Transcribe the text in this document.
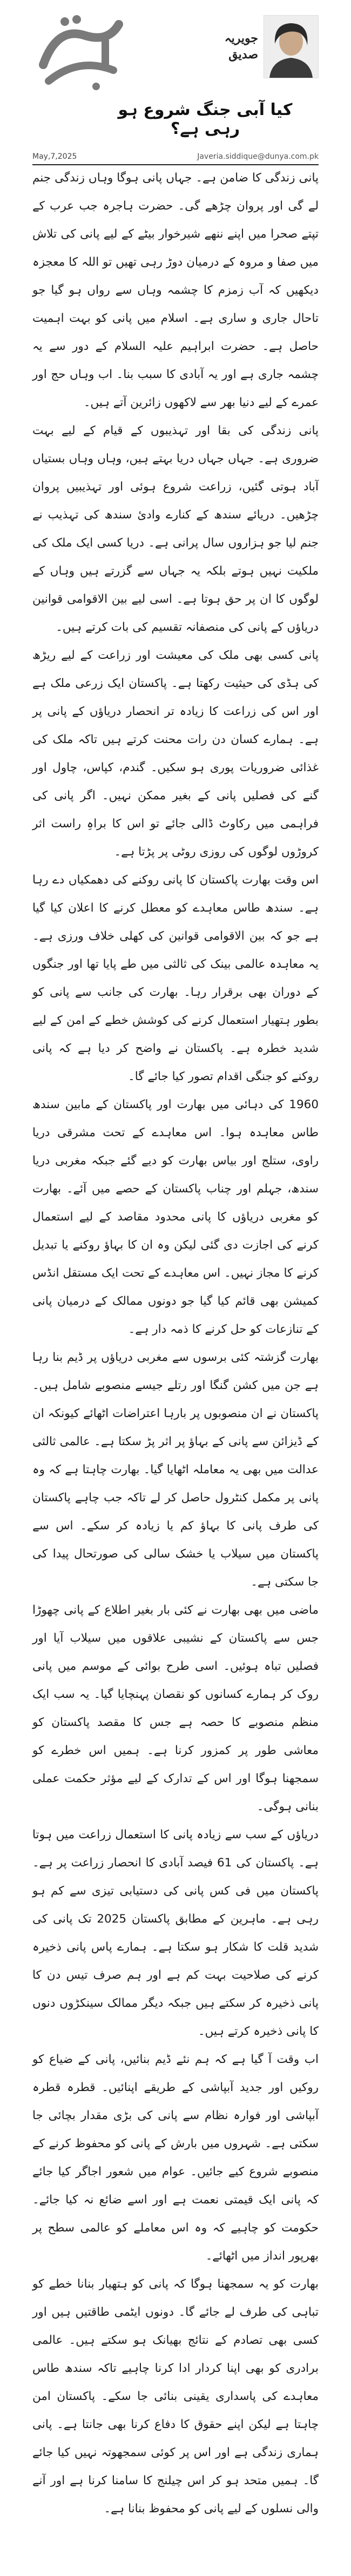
جویریہ صدیق
کیا آبی جنگ شروع ہو رہی ہے؟
May,7,2025	Javeria.siddique@dunya.com.pk

پانی زندگی کا ضامن ہے۔ جہاں پانی ہوگا وہاں زندگی جنم لے گی اور پروان چڑھے گی۔ حضرت ہاجرہ جب عرب کے تپتے صحرا میں اپنے ننھے شیرخوار بیٹے کے لیے پانی کی تلاش میں صفا و مروہ کے درمیان دوڑ رہی تھیں تو اللہ کا معجزہ دیکھیں کہ آب زمزم کا چشمہ وہاں سے رواں ہو گیا جو تاحال جاری و ساری ہے۔ اسلام میں پانی کو بہت اہمیت حاصل ہے۔ حضرت ابراہیم علیہ السلام کے دور سے یہ چشمہ جاری ہے اور یہ آبادی کا سبب بنا۔ اب وہاں حج اور عمرے کے لیے دنیا بھر سے لاکھوں زائرین آتے ہیں۔

پانی زندگی کی بقا اور تہذیبوں کے قیام کے لیے بہت ضروری ہے۔ جہاں جہاں دریا بہتے ہیں، وہاں وہاں بستیاں آباد ہوتی گئیں، زراعت شروع ہوئی اور تہذیبیں پروان چڑھیں۔ دریائے سندھ کے کنارے وادیٔ سندھ کی تہذیب نے جنم لیا جو ہزاروں سال پرانی ہے۔ دریا کسی ایک ملک کی ملکیت نہیں ہوتے بلکہ یہ جہاں سے گزرتے ہیں وہاں کے لوگوں کا ان پر حق ہوتا ہے۔ اسی لیے بین الاقوامی قوانین دریاؤں کے پانی کی منصفانہ تقسیم کی بات کرتے ہیں۔

پانی کسی بھی ملک کی معیشت اور زراعت کے لیے ریڑھ کی ہڈی کی حیثیت رکھتا ہے۔ پاکستان ایک زرعی ملک ہے اور اس کی زراعت کا زیادہ تر انحصار دریاؤں کے پانی پر ہے۔ ہمارے کسان دن رات محنت کرتے ہیں تاکہ ملک کی غذائی ضروریات پوری ہو سکیں۔ گندم، کپاس، چاول اور گنے کی فصلیں پانی کے بغیر ممکن نہیں۔ اگر پانی کی فراہمی میں رکاوٹ ڈالی جائے تو اس کا براہِ راست اثر کروڑوں لوگوں کی روزی روٹی پر پڑتا ہے۔

اس وقت بھارت پاکستان کا پانی روکنے کی دھمکیاں دے رہا ہے۔ سندھ طاس معاہدے کو معطل کرنے کا اعلان کیا گیا ہے جو کہ بین الاقوامی قوانین کی کھلی خلاف ورزی ہے۔ یہ معاہدہ عالمی بینک کی ثالثی میں طے پایا تھا اور جنگوں کے دوران بھی برقرار رہا۔ بھارت کی جانب سے پانی کو بطور ہتھیار استعمال کرنے کی کوشش خطے کے امن کے لیے شدید خطرہ ہے۔ پاکستان نے واضح کر دیا ہے کہ پانی روکنے کو جنگی اقدام تصور کیا جائے گا۔

1960 کی دہائی میں بھارت اور پاکستان کے مابین سندھ طاس معاہدہ ہوا۔ اس معاہدے کے تحت مشرقی دریا راوی، ستلج اور بیاس بھارت کو دیے گئے جبکہ مغربی دریا سندھ، جہلم اور چناب پاکستان کے حصے میں آئے۔ بھارت کو مغربی دریاؤں کا پانی محدود مقاصد کے لیے استعمال کرنے کی اجازت دی گئی لیکن وہ ان کا بہاؤ روکنے یا تبدیل کرنے کا مجاز نہیں۔ اس معاہدے کے تحت ایک مستقل انڈس کمیشن بھی قائم کیا گیا جو دونوں ممالک کے درمیان پانی کے تنازعات کو حل کرنے کا ذمہ دار ہے۔

بھارت گزشتہ کئی برسوں سے مغربی دریاؤں پر ڈیم بنا رہا ہے جن میں کشن گنگا اور رتلے جیسے منصوبے شامل ہیں۔ پاکستان نے ان منصوبوں پر بارہا اعتراضات اٹھائے کیونکہ ان کے ڈیزائن سے پانی کے بہاؤ پر اثر پڑ سکتا ہے۔ عالمی ثالثی عدالت میں بھی یہ معاملہ اٹھایا گیا۔ بھارت چاہتا ہے کہ وہ پانی پر مکمل کنٹرول حاصل کر لے تاکہ جب چاہے پاکستان کی طرف پانی کا بہاؤ کم یا زیادہ کر سکے۔ اس سے پاکستان میں سیلاب یا خشک سالی کی صورتحال پیدا کی جا سکتی ہے۔

ماضی میں بھی بھارت نے کئی بار بغیر اطلاع کے پانی چھوڑا جس سے پاکستان کے نشیبی علاقوں میں سیلاب آیا اور فصلیں تباہ ہوئیں۔ اسی طرح بوائی کے موسم میں پانی روک کر ہمارے کسانوں کو نقصان پہنچایا گیا۔ یہ سب ایک منظم منصوبے کا حصہ ہے جس کا مقصد پاکستان کو معاشی طور پر کمزور کرنا ہے۔ ہمیں اس خطرے کو سمجھنا ہوگا اور اس کے تدارک کے لیے مؤثر حکمت عملی بنانی ہوگی۔

دریاؤں کے سب سے زیادہ پانی کا استعمال زراعت میں ہوتا ہے۔ پاکستان کی 61 فیصد آبادی کا انحصار زراعت پر ہے۔ پاکستان میں فی کس پانی کی دستیابی تیزی سے کم ہو رہی ہے۔ ماہرین کے مطابق پاکستان 2025 تک پانی کی شدید قلت کا شکار ہو سکتا ہے۔ ہمارے پاس پانی ذخیرہ کرنے کی صلاحیت بہت کم ہے اور ہم صرف تیس دن کا پانی ذخیرہ کر سکتے ہیں جبکہ دیگر ممالک سینکڑوں دنوں کا پانی ذخیرہ کرتے ہیں۔

اب وقت آ گیا ہے کہ ہم نئے ڈیم بنائیں، پانی کے ضیاع کو روکیں اور جدید آبپاشی کے طریقے اپنائیں۔ قطرہ قطرہ آبپاشی اور فوارہ نظام سے پانی کی بڑی مقدار بچائی جا سکتی ہے۔ شہروں میں بارش کے پانی کو محفوظ کرنے کے منصوبے شروع کیے جائیں۔ عوام میں شعور اجاگر کیا جائے کہ پانی ایک قیمتی نعمت ہے اور اسے ضائع نہ کیا جائے۔ حکومت کو چاہیے کہ وہ اس معاملے کو عالمی سطح پر بھرپور انداز میں اٹھائے۔

بھارت کو یہ سمجھنا ہوگا کہ پانی کو ہتھیار بنانا خطے کو تباہی کی طرف لے جائے گا۔ دونوں ایٹمی طاقتیں ہیں اور کسی بھی تصادم کے نتائج بھیانک ہو سکتے ہیں۔ عالمی برادری کو بھی اپنا کردار ادا کرنا چاہیے تاکہ سندھ طاس معاہدے کی پاسداری یقینی بنائی جا سکے۔ پاکستان امن چاہتا ہے لیکن اپنے حقوق کا دفاع کرنا بھی جانتا ہے۔ پانی ہماری زندگی ہے اور اس پر کوئی سمجھوتہ نہیں کیا جائے گا۔ ہمیں متحد ہو کر اس چیلنج کا سامنا کرنا ہے اور آنے والی نسلوں کے لیے پانی کو محفوظ بنانا ہے۔
